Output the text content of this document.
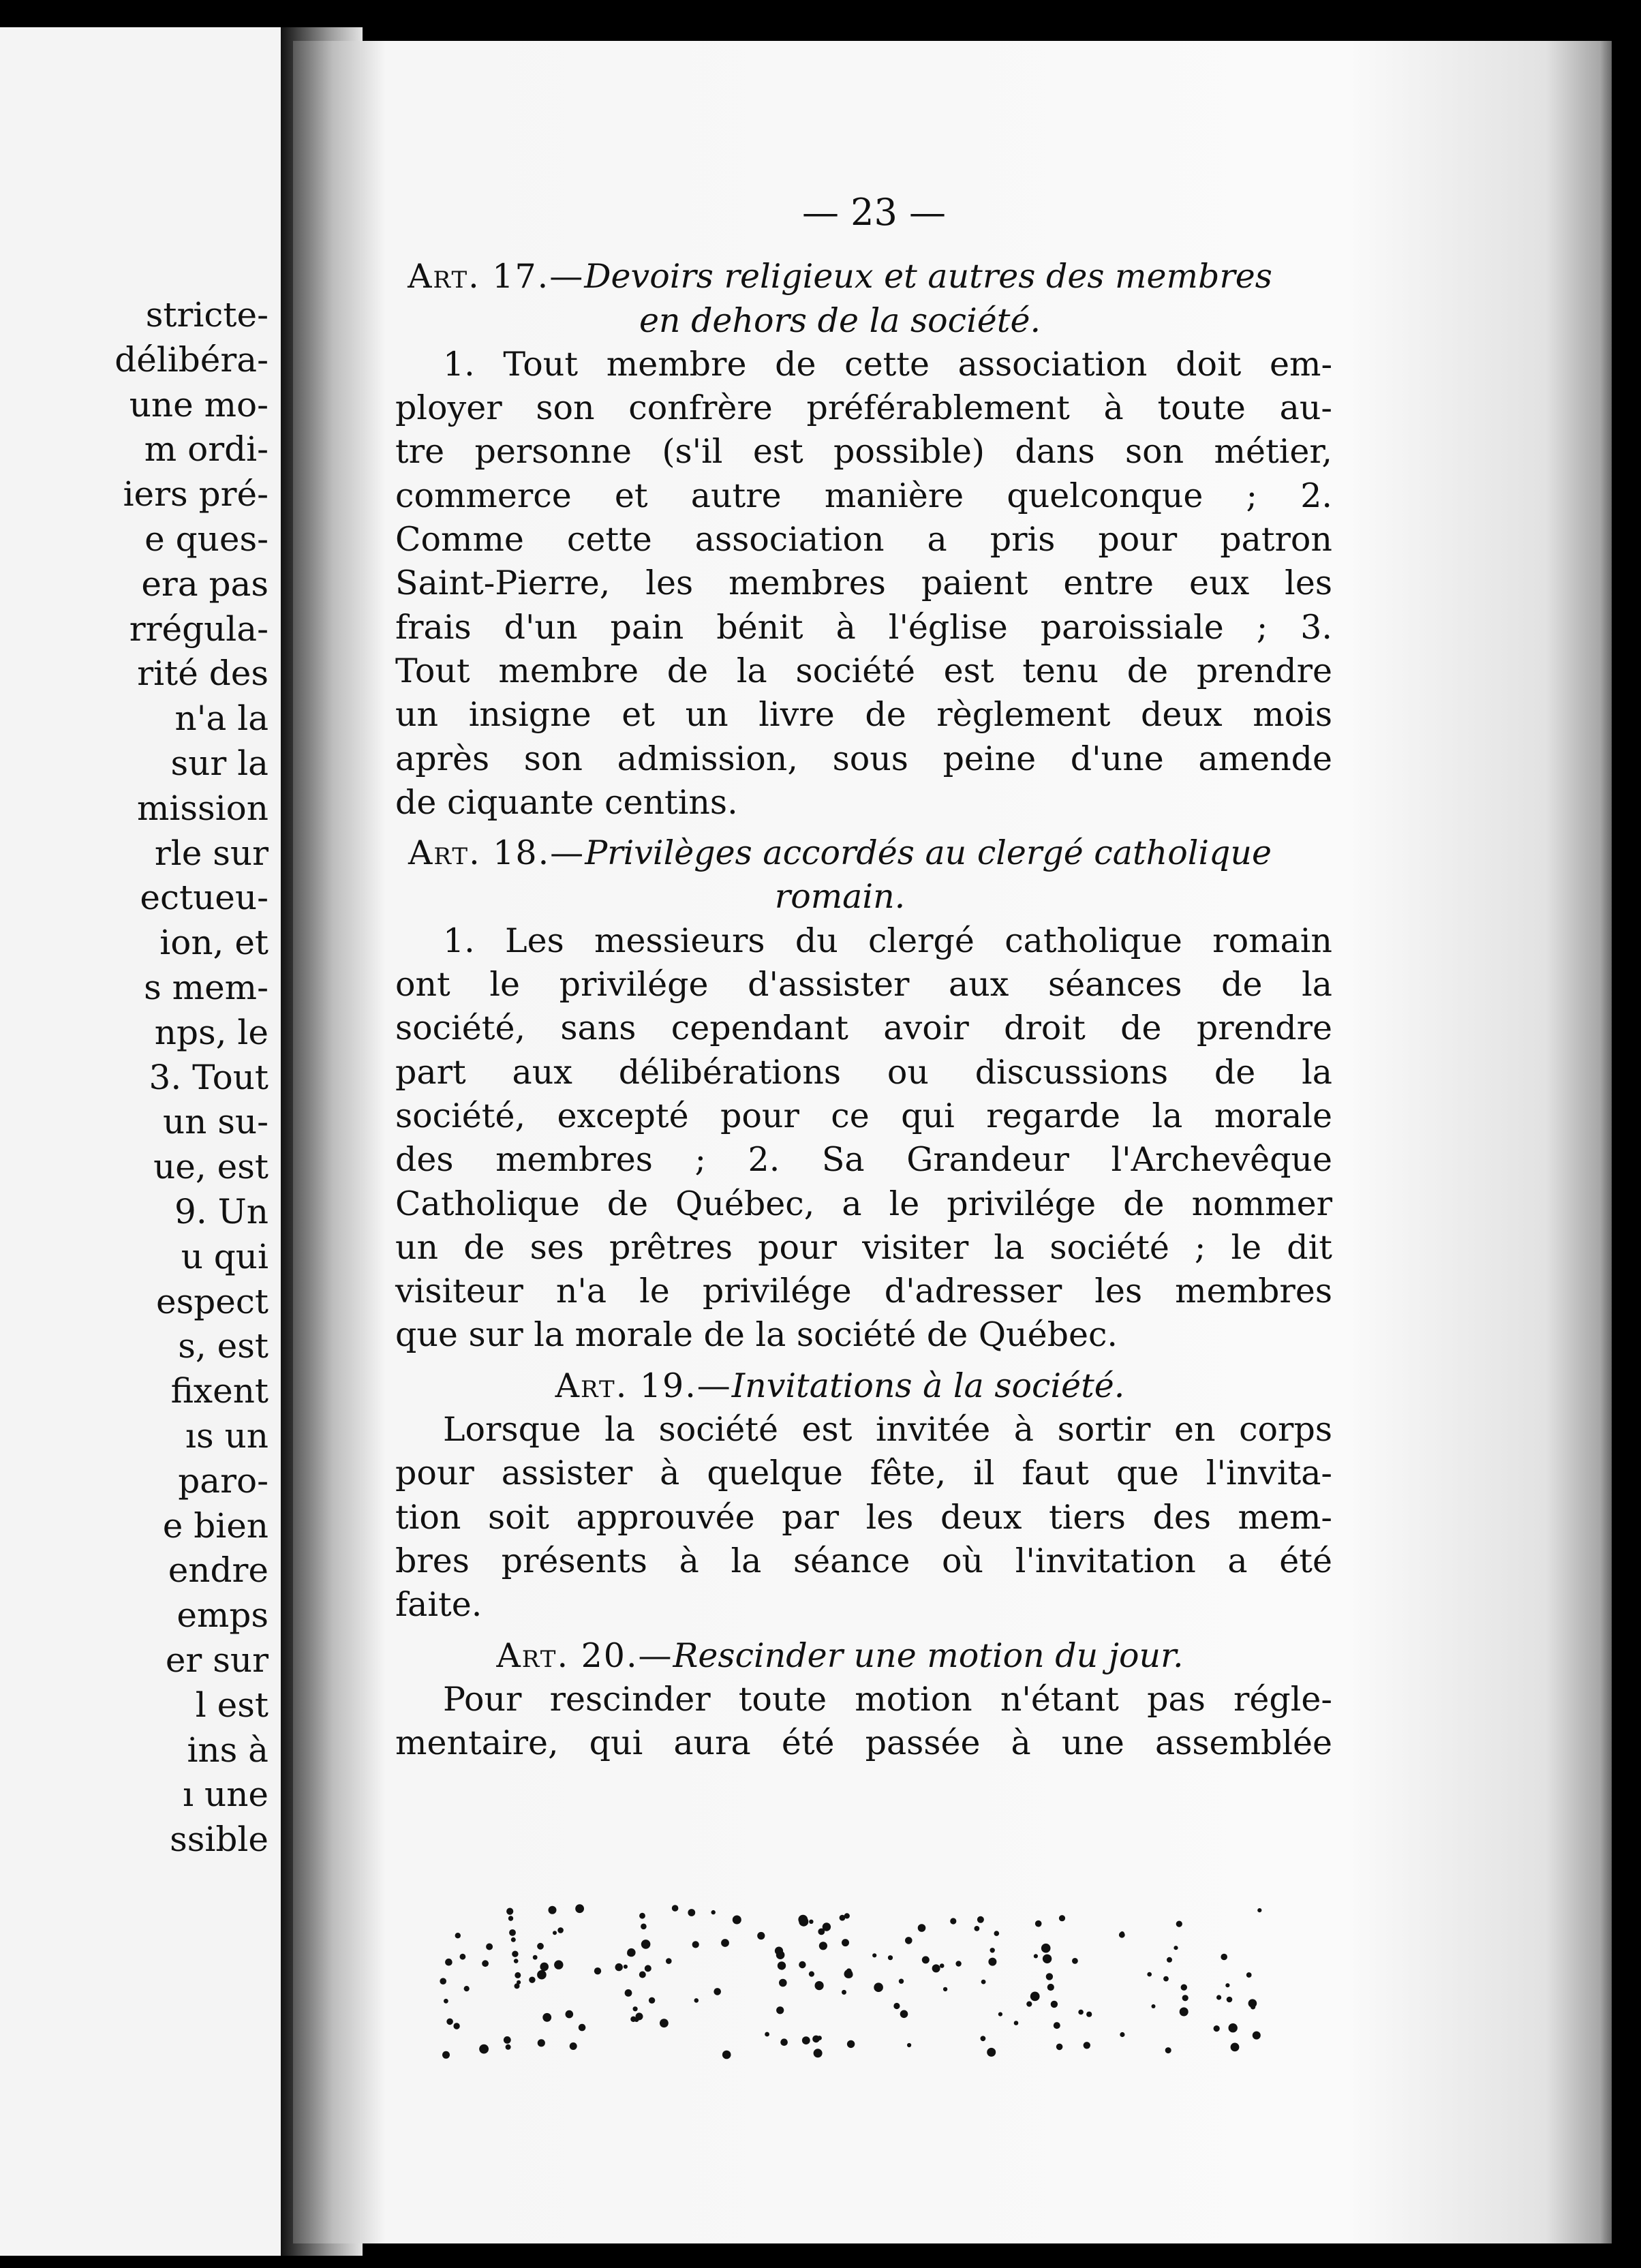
stricte-
délibéra-
une mo-
m ordi-
iers pré-
e ques-
era pas
rrégula-
rité des
n'a la
sur la
mission
rle sur
ectueu-
ion, et
s mem-
nps, le
3. Tout
un su-
ue, est
9. Un
u qui
espect
s, est
fixent
ıs un
paro-
e bien
endre
emps
er sur
l est
ins à
ı une
ssible
— 23 —
Art. 17.—Devoirs religieux et autres des membres
en dehors de la société.
1. Tout membre de cette association doit em-
ployer son confrère préférablement à toute au-
tre personne (s'il est possible) dans son métier,
commerce et autre manière quelconque ; 2.
Comme cette association a pris pour patron
Saint-Pierre, les membres paient entre eux les
frais d'un pain bénit à l'église paroissiale ; 3.
Tout membre de la société est tenu de prendre
un insigne et un livre de règlement deux mois
après son admission, sous peine d'une amende
de ciquante centins.
Art. 18.—Privilèges accordés au clergé catholique
romain.
1. Les messieurs du clergé catholique romain
ont le privilége d'assister aux séances de la
société, sans cependant avoir droit de prendre
part aux délibérations ou discussions de la
société, excepté pour ce qui regarde la morale
des membres ; 2. Sa Grandeur l'Archevêque
Catholique de Québec, a le privilége de nommer
un de ses prêtres pour visiter la société ; le dit
visiteur n'a le privilége d'adresser les membres
que sur la morale de la société de Québec.
Art. 19.—Invitations à la société.
Lorsque la société est invitée à sortir en corps
pour assister à quelque fête, il faut que l'invita-
tion soit approuvée par les deux tiers des mem-
bres présents à la séance où l'invitation a été
faite.
Art. 20.—Rescinder une motion du jour.
Pour rescinder toute motion n'étant pas régle-
mentaire, qui aura été passée à une assemblée
